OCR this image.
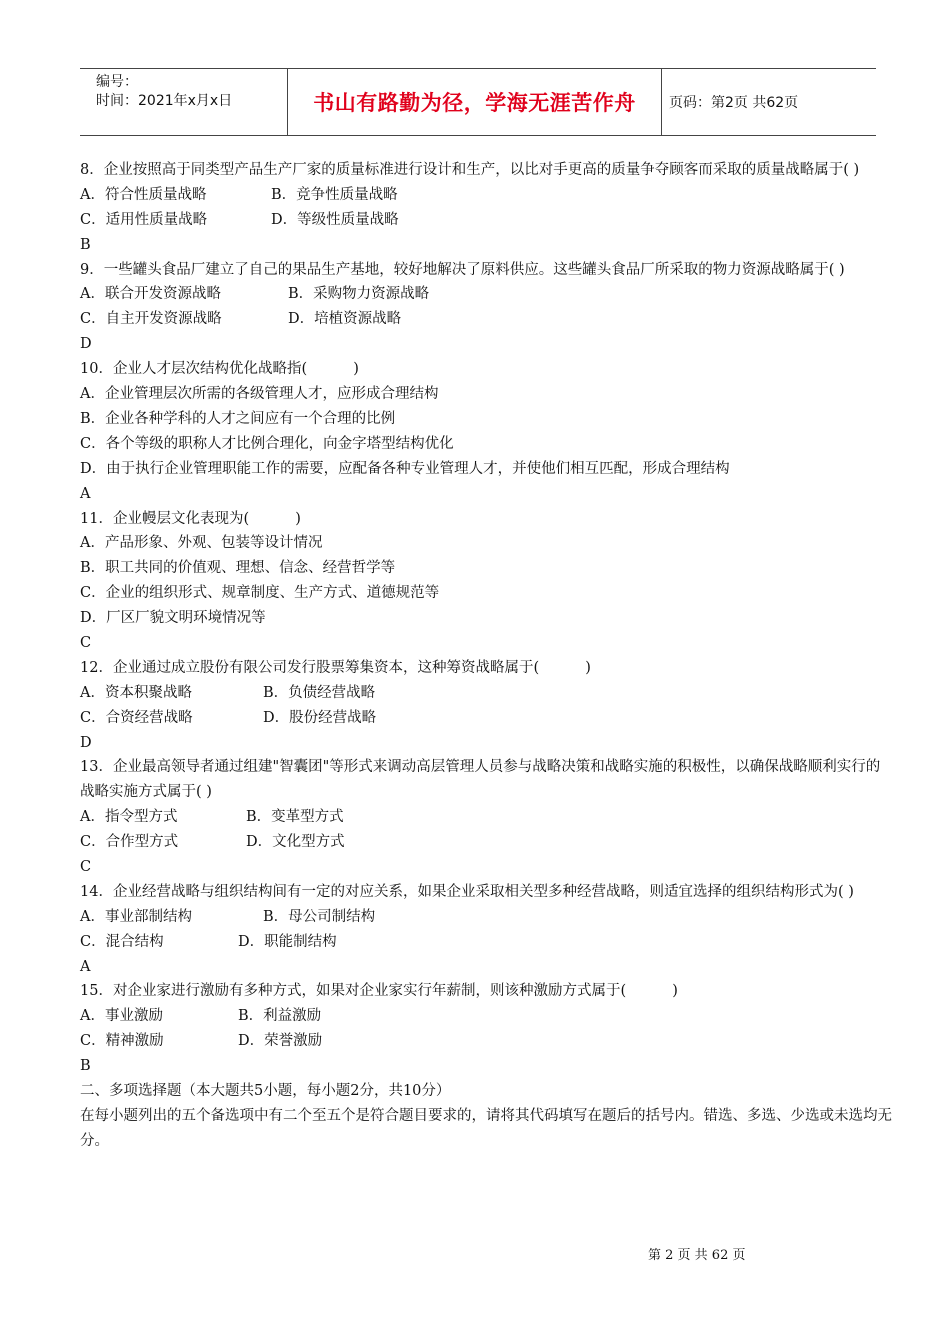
编号：
时间：2021年x月x日	书山有路勤为径，学海无涯苦作舟 页码：第2页 共62页
8．企业按照高于同类型产品生产厂家的质量标准进行设计和生产，以比对手更高的质量争夺顾客而采取的质量战略属于( )
A．符合性质量战略	B．竞争性质量战略
C．适用性质量战略	D．等级性质量战略
B
9．一些罐头食品厂建立了自己的果品生产基地，较好地解决了原料供应。这些罐头食品厂所采取的物力资源战略属于( )
A．联合开发资源战略	B．采购物力资源战略
C．自主开发资源战略	D．培植资源战略
D
10．企业人才层次结构优化战略指(          )
A．企业管理层次所需的各级管理人才，应形成合理结构
B．企业各种学科的人才之间应有一个合理的比例
C．各个等级的职称人才比例合理化，向金字塔型结构优化
D．由于执行企业管理职能工作的需要，应配备各种专业管理人才，并使他们相互匹配，形成合理结构
A
11．企业幔层文化表现为(          )
A．产品形象、外观、包装等设计情况
B．职工共同的价值观、理想、信念、经营哲学等
C．企业的组织形式、规章制度、生产方式、道德规范等
D．厂区厂貌文明环境情况等
C
12．企业通过成立股份有限公司发行股票筹集资本，这种筹资战略属于(          )
A．资本积聚战略	B．负债经营战略
C．合资经营战略	D．股份经营战略
D
13．企业最高领导者通过组建"智囊团"等形式来调动高层管理人员参与战略决策和战略实施的积极性，以确保战略顺利实行的战略实施方式属于( )
A．指令型方式	B．变革型方式
C．合作型方式	D．文化型方式
C
14．企业经营战略与组织结构间有一定的对应关系，如果企业采取相关型多种经营战略，则适宜选择的组织结构形式为( )
A．事业部制结构	B．母公司制结构
C．混合结构	D．职能制结构
A
15．对企业家进行激励有多种方式，如果对企业家实行年薪制，则该种激励方式属于(          )
A．事业激励	B．利益激励
C．精神激励	D．荣誉激励
B
二、多项选择题（本大题共5小题，每小题2分，共10分）
在每小题列出的五个备选项中有二个至五个是符合题目要求的，请将其代码填写在题后的括号内。错选、多选、少选或未选均无分。
第 2 页 共 62 页
